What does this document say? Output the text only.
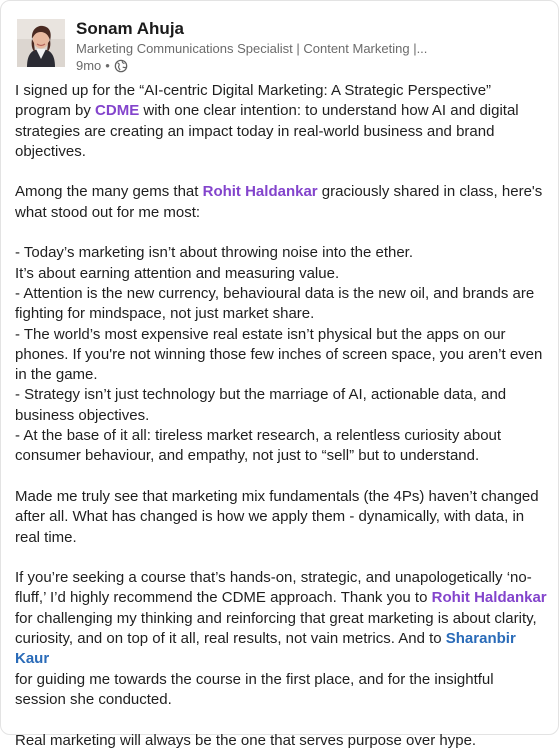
Sonam Ahuja
Marketing Communications Specialist | Content Marketing |...
9mo •

I signed up for the “AI-centric Digital Marketing: A Strategic Perspective” program by CDME with one clear intention: to understand how AI and digital strategies are creating an impact today in real-world business and brand objectives.

Among the many gems that Rohit Haldankar graciously shared in class, here's what stood out for me most:

- Today’s marketing isn’t about throwing noise into the ether.

It’s about earning attention and measuring value.

- Attention is the new currency, behavioural data is the new oil, and brands are fighting for mindspace, not just market share.

- The world’s most expensive real estate isn’t physical but the apps on our phones. If you're not winning those few inches of screen space, you aren’t even in the game.

- Strategy isn’t just technology but the marriage of AI, actionable data, and business objectives.

- At the base of it all: tireless market research, a relentless curiosity about consumer behaviour, and empathy, not just to “sell” but to understand.

Made me truly see that marketing mix fundamentals (the 4Ps) haven’t changed after all. What has changed is how we apply them - dynamically, with data, in real time.

If you’re seeking a course that’s hands-on, strategic, and unapologetically ‘no-fluff,’ I’d highly recommend the CDME approach. Thank you to Rohit Haldankar
for challenging my thinking and reinforcing that great marketing is about clarity, curiosity, and on top of it all, real results, not vain metrics. And to Sharanbir Kaur
for guiding me towards the course in the first place, and for the insightful session she conducted.

Real marketing will always be the one that serves purpose over hype.
